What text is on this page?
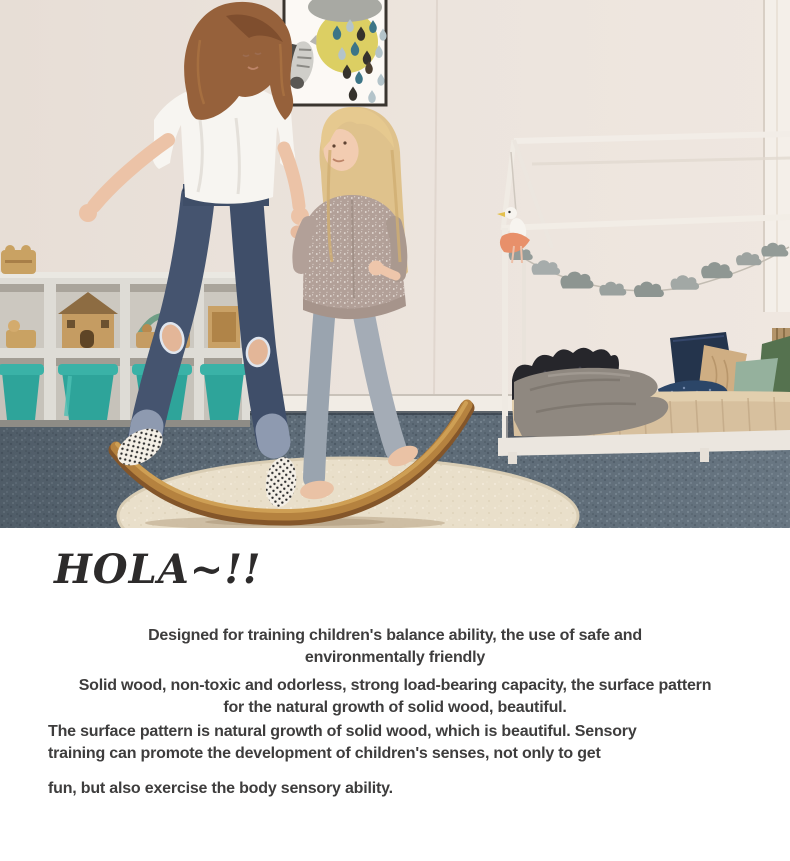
HOLA~!!
Designed for training children's balance ability, the use of safe and
environmentally friendly
Solid wood, non-toxic and odorless, strong load-bearing capacity, the surface pattern
for the natural growth of solid wood, beautiful.
The surface pattern is natural growth of solid wood, which is beautiful. Sensory
training can promote the development of children's senses, not only to get
fun, but also exercise the body sensory ability.
